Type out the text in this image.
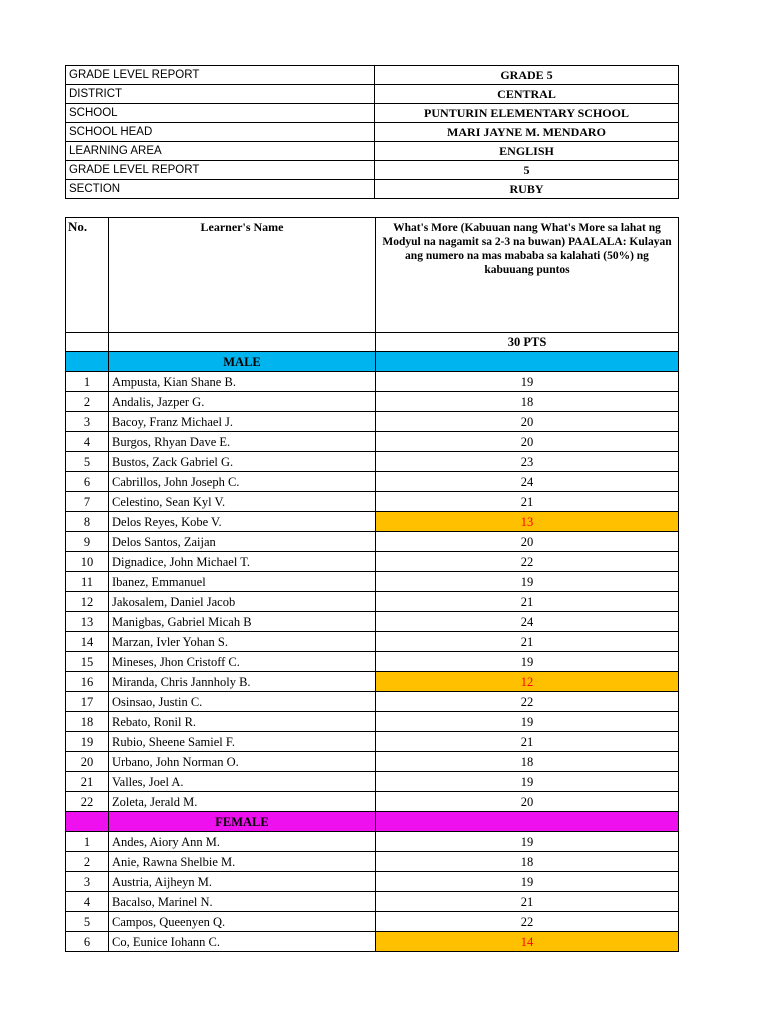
GRADE LEVEL REPORT	GRADE 5
DISTRICT	CENTRAL
SCHOOL	PUNTURIN ELEMENTARY SCHOOL
SCHOOL HEAD	MARI JAYNE M. MENDARO
LEARNING AREA	ENGLISH
GRADE LEVEL REPORT	5
SECTION	RUBY
No.	Learner's Name	What's More (Kabuuan nang What's More sa lahat ng Modyul na nagamit sa 2-3 na buwan) PAALALA: Kulayan ang numero na mas mababa sa kalahati (50%) ng kabuuang puntos
		30 PTS
	MALE	
1	Ampusta, Kian Shane B.	19
2	Andalis, Jazper G.	18
3	Bacoy, Franz Michael J.	20
4	Burgos, Rhyan Dave E.	20
5	Bustos, Zack Gabriel G.	23
6	Cabrillos, John Joseph C.	24
7	Celestino, Sean Kyl V.	21
8	Delos Reyes, Kobe V.	13
9	Delos Santos, Zaijan	20
10	Dignadice, John Michael T.	22
11	Ibanez, Emmanuel	19
12	Jakosalem, Daniel Jacob	21
13	Manigbas, Gabriel Micah B	24
14	Marzan, Ivler Yohan S.	21
15	Mineses, Jhon Cristoff C.	19
16	Miranda, Chris Jannholy B.	12
17	Osinsao, Justin C.	22
18	Rebato, Ronil R.	19
19	Rubio, Sheene Samiel F.	21
20	Urbano, John Norman O.	18
21	Valles, Joel A.	19
22	Zoleta, Jerald M.	20
	FEMALE	
1	Andes, Aiory Ann M.	19
2	Anie, Rawna Shelbie M.	18
3	Austria, Aijheyn M.	19
4	Bacalso, Marinel N.	21
5	Campos, Queenyen Q.	22
6	Co, Eunice Iohann C.	14
